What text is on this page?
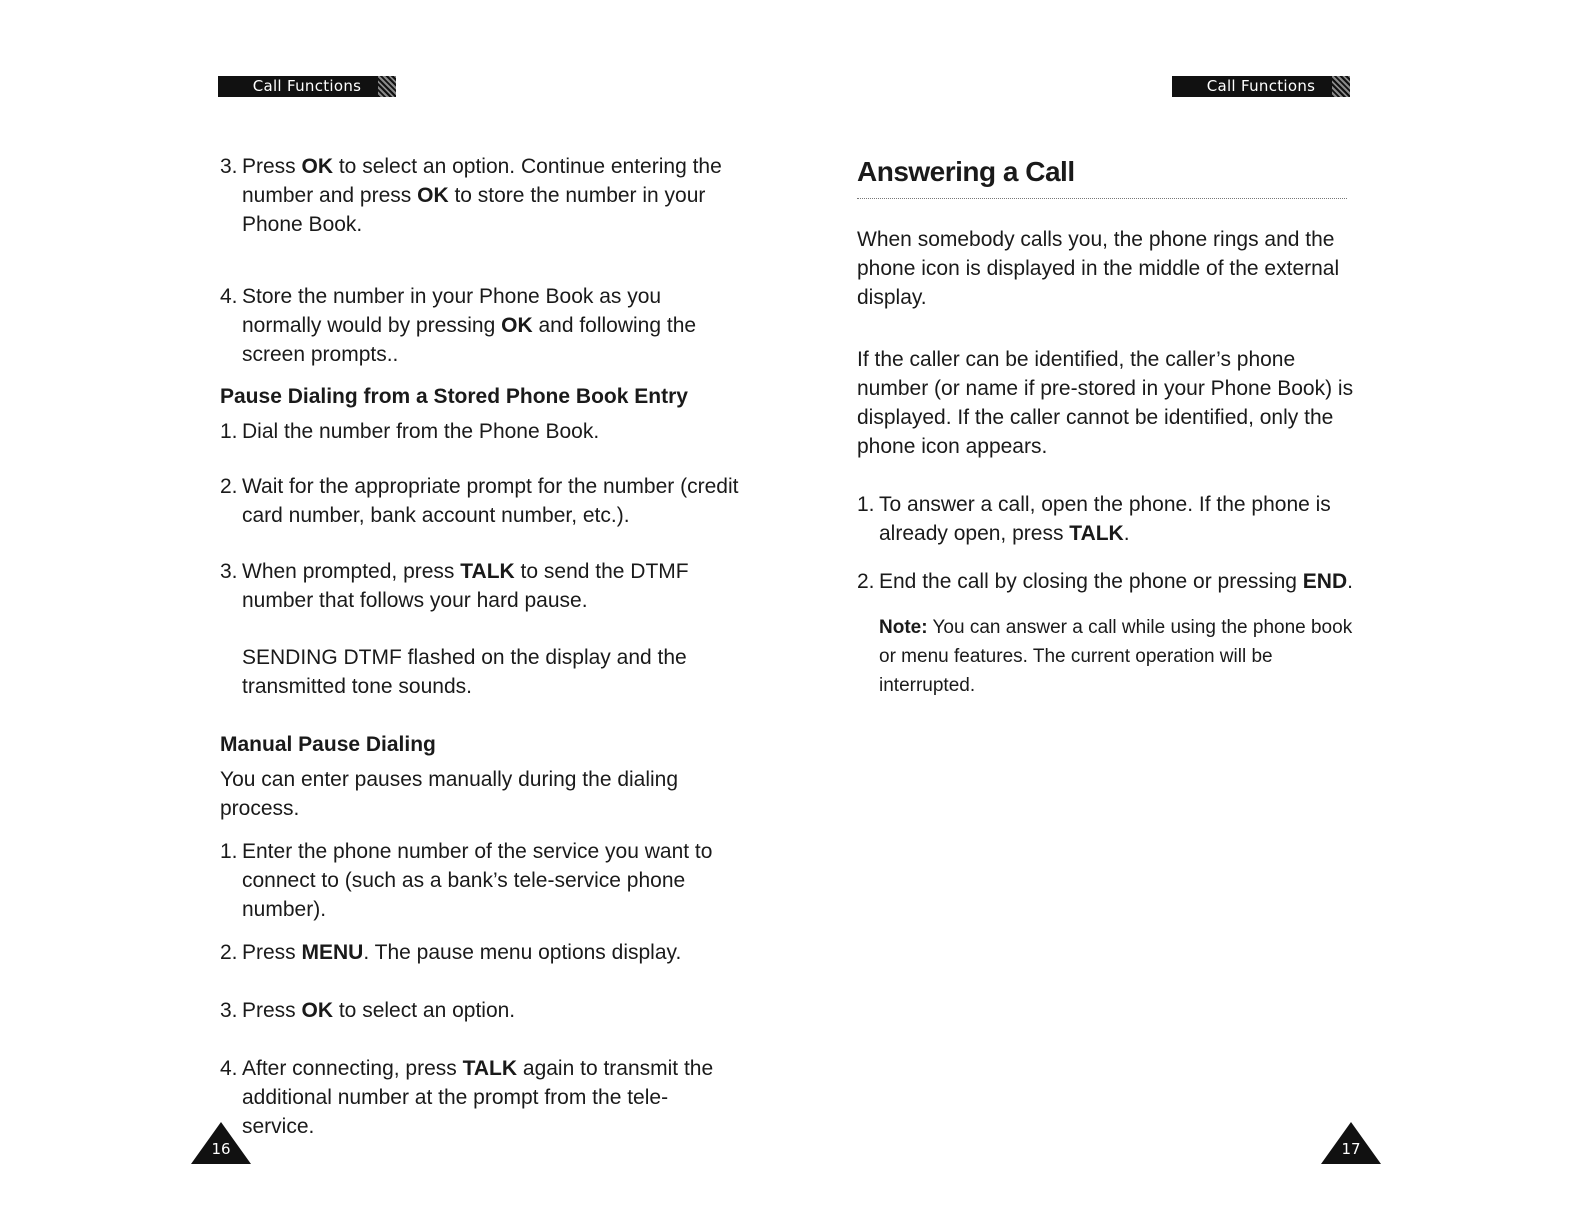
Call Functions
3. Press OK to select an option. Continue entering the number and press OK to store the number in your Phone Book.
4. Store the number in your Phone Book as you normally would by pressing OK and following the screen prompts..
Pause Dialing from a Stored Phone Book Entry
1. Dial the number from the Phone Book.
2. Wait for the appropriate prompt for the number (credit card number, bank account number, etc.).
3. When prompted, press TALK to send the DTMF number that follows your hard pause.

SENDING DTMF flashed on the display and the transmitted tone sounds.

Manual Pause Dialing

You can enter pauses manually during the dialing process.

1. Enter the phone number of the service you want to connect to (such as a bank’s tele-service phone number).
2. Press MENU. The pause menu options display.
3. Press OK to select an option.
4. After connecting, press TALK again to transmit the additional number at the prompt from the tele-service.
16
Call Functions
Answering a Call

When somebody calls you, the phone rings and the phone icon is displayed in the middle of the external display.

If the caller can be identified, the caller’s phone number (or name if pre-stored in your Phone Book) is displayed. If the caller cannot be identified, only the phone icon appears.

1. To answer a call, open the phone. If the phone is already open, press TALK.
2. End the call by closing the phone or pressing END.

Note: You can answer a call while using the phone book or menu features. The current operation will be interrupted.

17
